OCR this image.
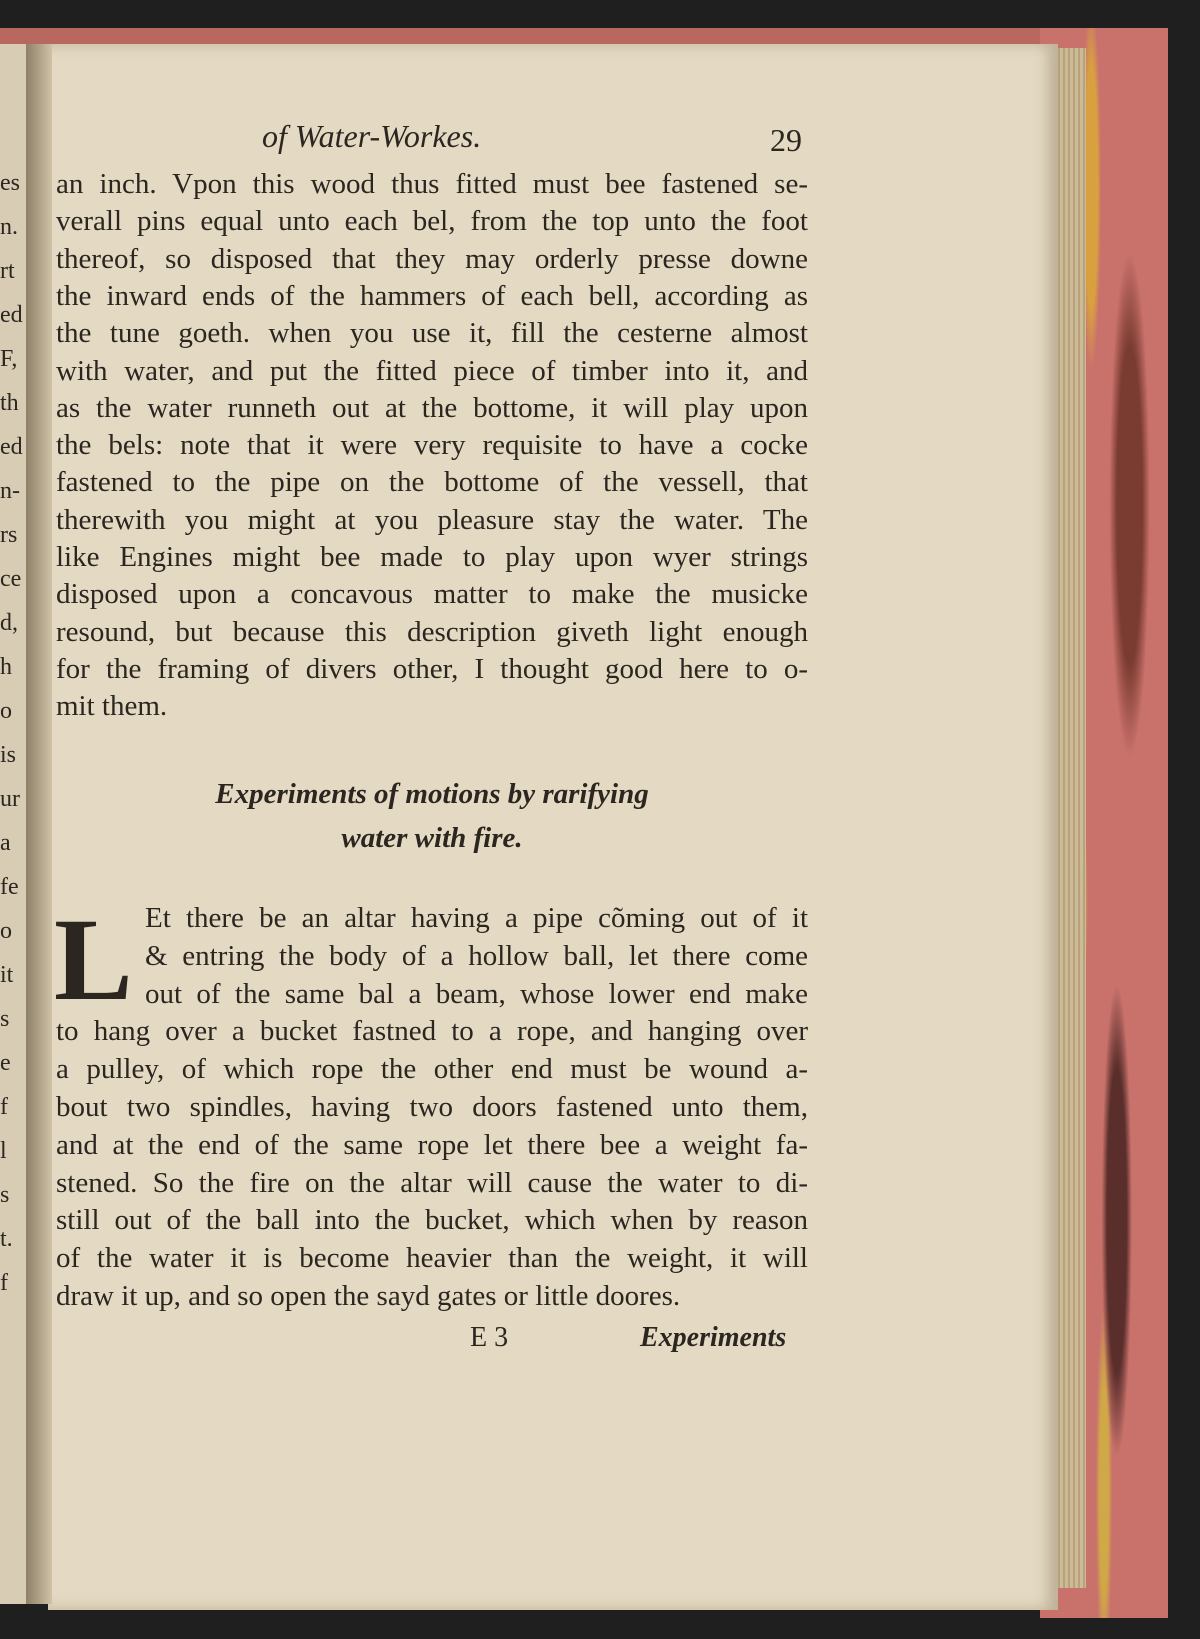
of Water-Workes.	29
an inch. Vpon this wood thus fitted must bee fastened se-
verall pins equal unto each bel, from the top unto the foot
thereof, so disposed that they may orderly presse downe
the inward ends of the hammers of each bell, according as
the tune goeth. when you use it, fill the cesterne almost
with water, and put the fitted piece of timber into it, and
as the water runneth out at the bottome, it will play upon
the bels: note that it were very requisite to have a cocke
fastened to the pipe on the bottome of the vessell, that
therewith you might at you pleasure stay the water. The
like Engines might bee made to play upon wyer strings
disposed upon a concavous matter to make the musicke
resound, but because this description giveth light enough
for the framing of divers other, I thought good here to o-
mit them.
Experiments of motions by rarifying
water with fire.
L Et there be an altar having a pipe cõming out of it
& entring the body of a hollow ball, let there come
out of the same bal a beam, whose lower end make
to hang over a bucket fastned to a rope, and hanging over
a pulley, of which rope the other end must be wound a-
bout two spindles, having two doors fastened unto them,
and at the end of the same rope let there bee a weight fa-
stened. So the fire on the altar will cause the water to di-
still out of the ball into the bucket, which when by reason
of the water it is become heavier than the weight, it will
draw it up, and so open the sayd gates or little doores.
E 3	Experiments
es
n.
rt
ed
F,
th
ed
n-
rs
ce
d,
h
o
is
ur
a
fe
o
it
s
e
f
l
s
t.
f
